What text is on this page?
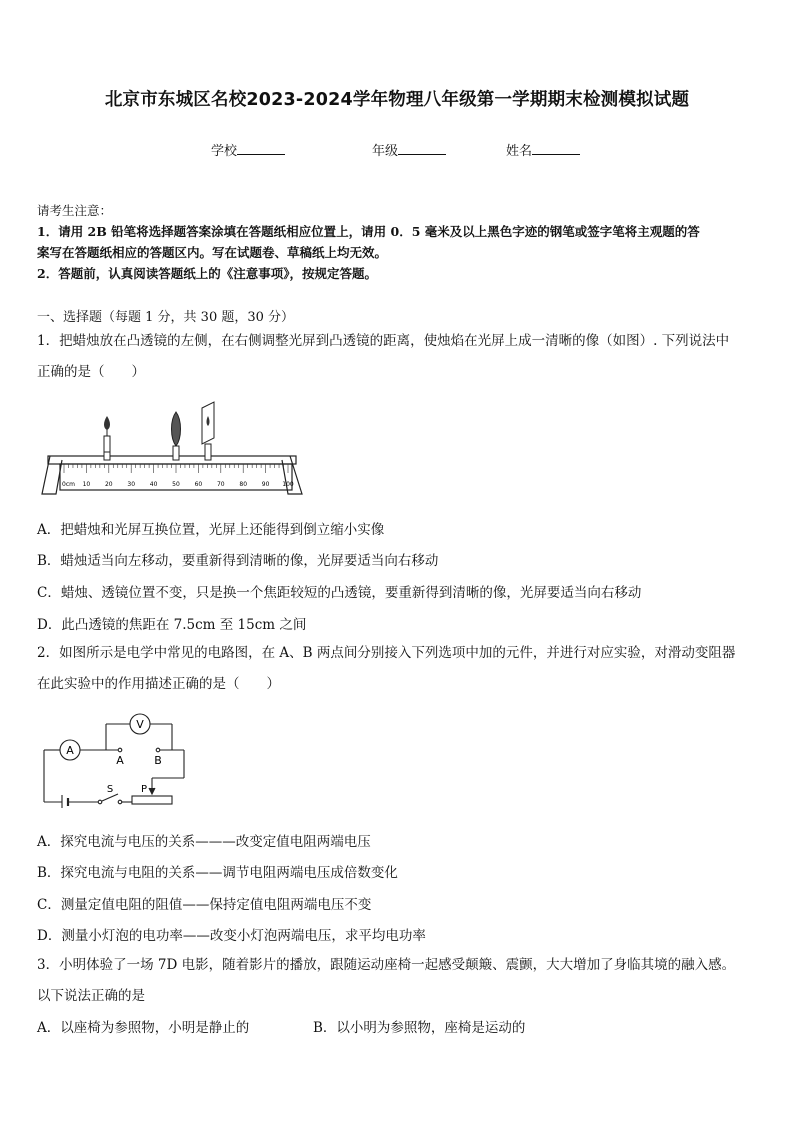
北京市东城区名校2023-2024学年物理八年级第一学期期末检测模拟试题
学校	年级	姓名
请考生注意：
1．请用 2B 铅笔将选择题答案涂填在答题纸相应位置上，请用 0．5 毫米及以上黑色字迹的钢笔或签字笔将主观题的答
案写在答题纸相应的答题区内。写在试题卷、草稿纸上均无效。
2．答题前，认真阅读答题纸上的《注意事项》，按规定答题。
一、选择题（每题 1 分，共 30 题，30 分）
1．把蜡烛放在凸透镜的左侧，在右侧调整光屏到凸透镜的距离，使烛焰在光屏上成一清晰的像（如图）. 下列说法中
正确的是（　　）
0cm 10 20 30 40 50 60 70 80 90 100
A．把蜡烛和光屏互换位置，光屏上还能得到倒立缩小实像
B．蜡烛适当向左移动，要重新得到清晰的像，光屏要适当向右移动
C．蜡烛、透镜位置不变，只是换一个焦距较短的凸透镜，要重新得到清晰的像，光屏要适当向右移动
D．此凸透镜的焦距在 7.5cm 至 15cm 之间
2．如图所示是电学中常见的电路图，在 A、B 两点间分别接入下列选项中加的元件，并进行对应实验，对滑动变阻器
在此实验中的作用描述正确的是（　　）
A
V
A	B
S	P
A．探究电流与电压的关系———改变定值电阻两端电压
B．探究电流与电阻的关系——调节电阻两端电压成倍数变化
C．测量定值电阻的阻值——保持定值电阻两端电压不变
D．测量小灯泡的电功率——改变小灯泡两端电压，求平均电功率
3．小明体验了一场 7D 电影，随着影片的播放，跟随运动座椅一起感受颠簸、震颤，大大增加了身临其境的融入感。
以下说法正确的是
A．以座椅为参照物，小明是静止的	B．以小明为参照物，座椅是运动的
